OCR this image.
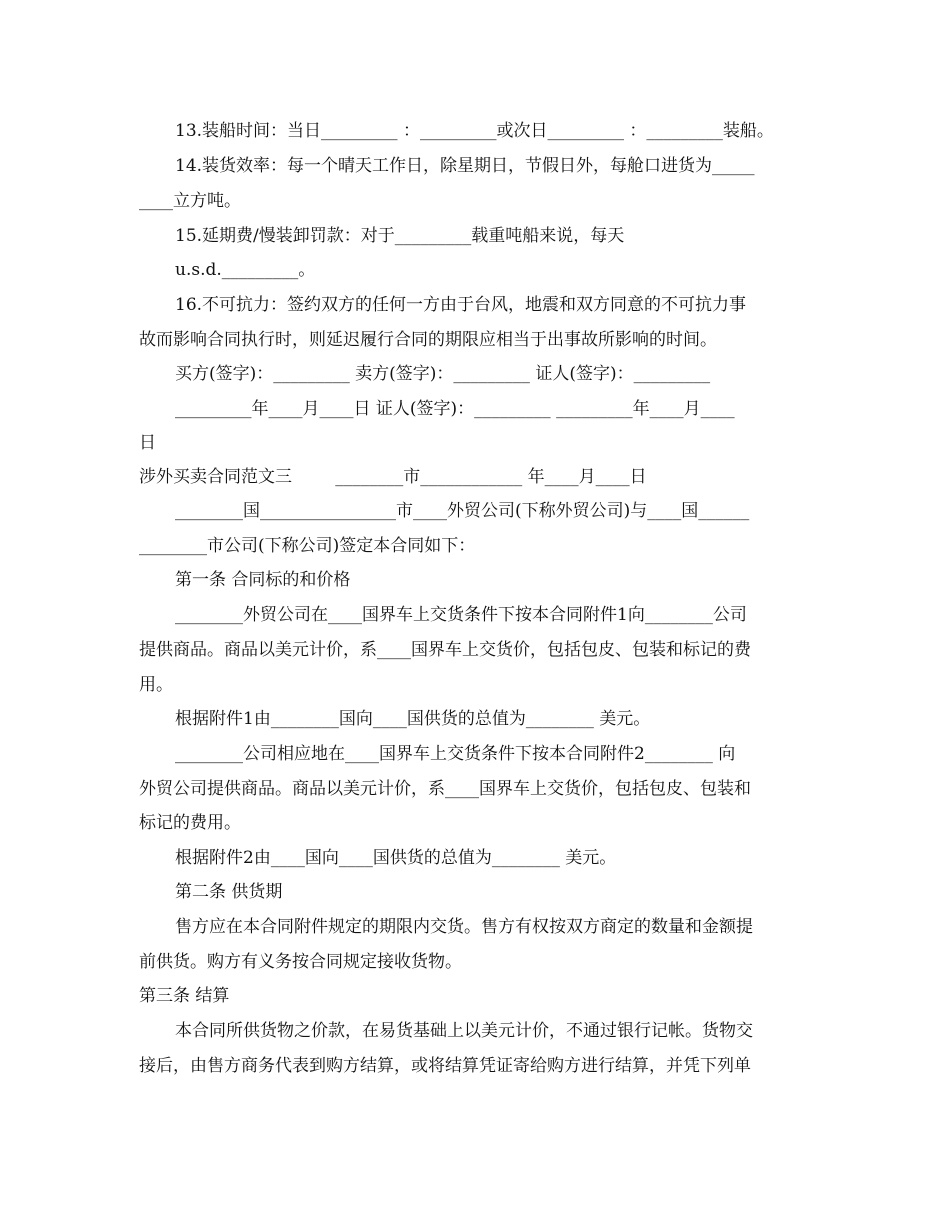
13.装船时间：当日_________ ：_________或次日_________ ：_________装船。
14.装货效率：每一个晴天工作日，除星期日，节假日外，每舱口进货为_____
____立方吨。
15.延期费/慢装卸罚款：对于_________载重吨船来说，每天
u.s.d._________。
16.不可抗力：签约双方的任何一方由于台风，地震和双方同意的不可抗力事
故而影响合同执行时，则延迟履行合同的期限应相当于出事故所影响的时间。
买方(签字)：_________ 卖方(签字)：_________ 证人(签字)：_________
_________年____月____日 证人(签字)：_________ _________年____月____
日
涉外买卖合同范文三        ________市____________ 年____月____日
________国________________市____外贸公司(下称外贸公司)与____国______
________市公司(下称公司)签定本合同如下：
第一条 合同标的和价格
________外贸公司在____国界车上交货条件下按本合同附件1向________公司
提供商品。商品以美元计价，系____国界车上交货价，包括包皮、包装和标记的费
用。
根据附件1由________国向____国供货的总值为________ 美元。
________公司相应地在____国界车上交货条件下按本合同附件2________ 向
外贸公司提供商品。商品以美元计价，系____国界车上交货价，包括包皮、包装和
标记的费用。
根据附件2由____国向____国供货的总值为________ 美元。
第二条 供货期
售方应在本合同附件规定的期限内交货。售方有权按双方商定的数量和金额提
前供货。购方有义务按合同规定接收货物。
第三条 结算
本合同所供货物之价款，在易货基础上以美元计价，不通过银行记帐。货物交
接后，由售方商务代表到购方结算，或将结算凭证寄给购方进行结算，并凭下列单
